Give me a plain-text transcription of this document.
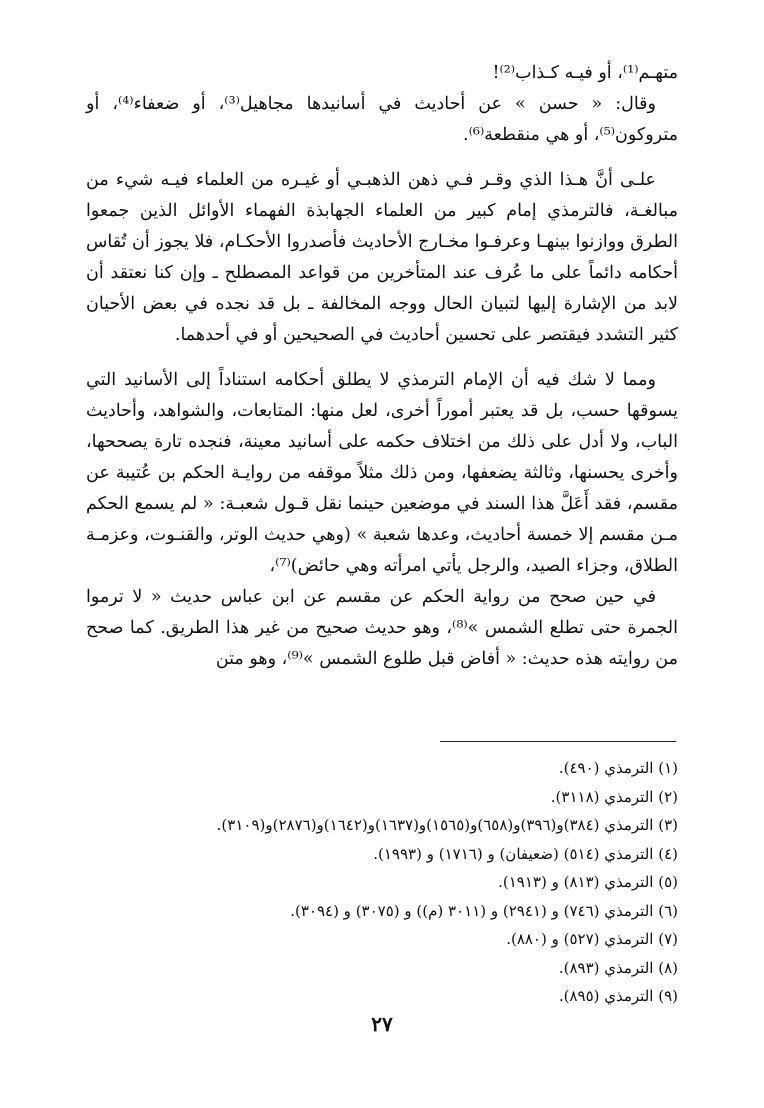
متهـم⁽¹⁾، أو فيـه كـذاب⁽²⁾!

وقال: « حسن » عن أحاديث في أسانيدها مجاهيل⁽³⁾، أو ضعفاء⁽⁴⁾، أو متروكون⁽⁵⁾، أو هي منقطعة⁽⁶⁾.

علـى أنَّ هـذا الذي وقـر فـي ذهن الذهبـي أو غيـره من العلماء فيـه شيء من مبالغـة، فالترمذي إمام كبير من العلماء الجهابذة الفهماء الأوائل الذين جمعوا الطرق ووازنوا بينهـا وعرفـوا مخـارج الأحاديث فأصدروا الأحكـام، فلا يجوز أن تُقاس أحكامه دائماً على ما عُرف عند المتأخرين من قواعد المصطلح ـ وإن كنا نعتقد أن لابد من الإشارة إليها لتبيان الحال ووجه المخالفة ـ بل قد نجده في بعض الأحيان كثير التشدد فيقتصر على تحسين أحاديث في الصحيحين أو في أحدهما.

ومما لا شك فيه أن الإمام الترمذي لا يطلق أحكامه استناداً إلى الأسانيد التي يسوقها حسب، بل قد يعتبر أموراً أخرى، لعل منها: المتابعات، والشواهد، وأحاديث الباب، ولا أدل على ذلك من اختلاف حكمه على أسانيد معينة، فنجده تارة يصححها، وأخرى يحسنها، وثالثة يضعفها، ومن ذلك مثلاً موقفه من روايـة الحكم بن عُتيبة عن مقسم، فقد أَعَلَّ هذا السند في موضعين حينما نقل قـول شعبـة: « لم يسمع الحكم مـن مقسم إلا خمسة أحاديث، وعدها شعبة » (وهي حديث الوتر، والقنـوت، وعزمـة الطلاق، وجزاء الصيد، والرجل يأتي امرأته وهي حائض)⁽⁷⁾،

في حين صحح من رواية الحكم عن مقسم عن ابن عباس حديث « لا ترموا الجمرة حتى تطلع الشمس »⁽⁸⁾، وهو حديث صحيح من غير هذا الطريق. كما صحح من روايته هذه حديث: « أفاض قبل طلوع الشمس »⁽⁹⁾، وهو متن

(١) الترمذي (٤٩٠).

(٢) الترمذي (٣١١٨).

(٣) الترمذي (٣٨٤)و(٣٩٦)و(٦٥٨)و(١٥٦٥)و(١٦٣٧)و(١٦٤٢)و(٢٨٧٦)و(٣١٠٩).

(٤) الترمذي (٥١٤) (ضعيفان) و (١٧١٦) و (١٩٩٣).

(٥) الترمذي (٨١٣) و (١٩١٣).

(٦) الترمذي (٧٤٦) و (٢٩٤١) و (٣٠١١ (م)) و (٣٠٧٥) و (٣٠٩٤).

(٧) الترمذي (٥٢٧) و (٨٨٠).

(٨) الترمذي (٨٩٣).

(٩) الترمذي (٨٩٥).

٢٧
